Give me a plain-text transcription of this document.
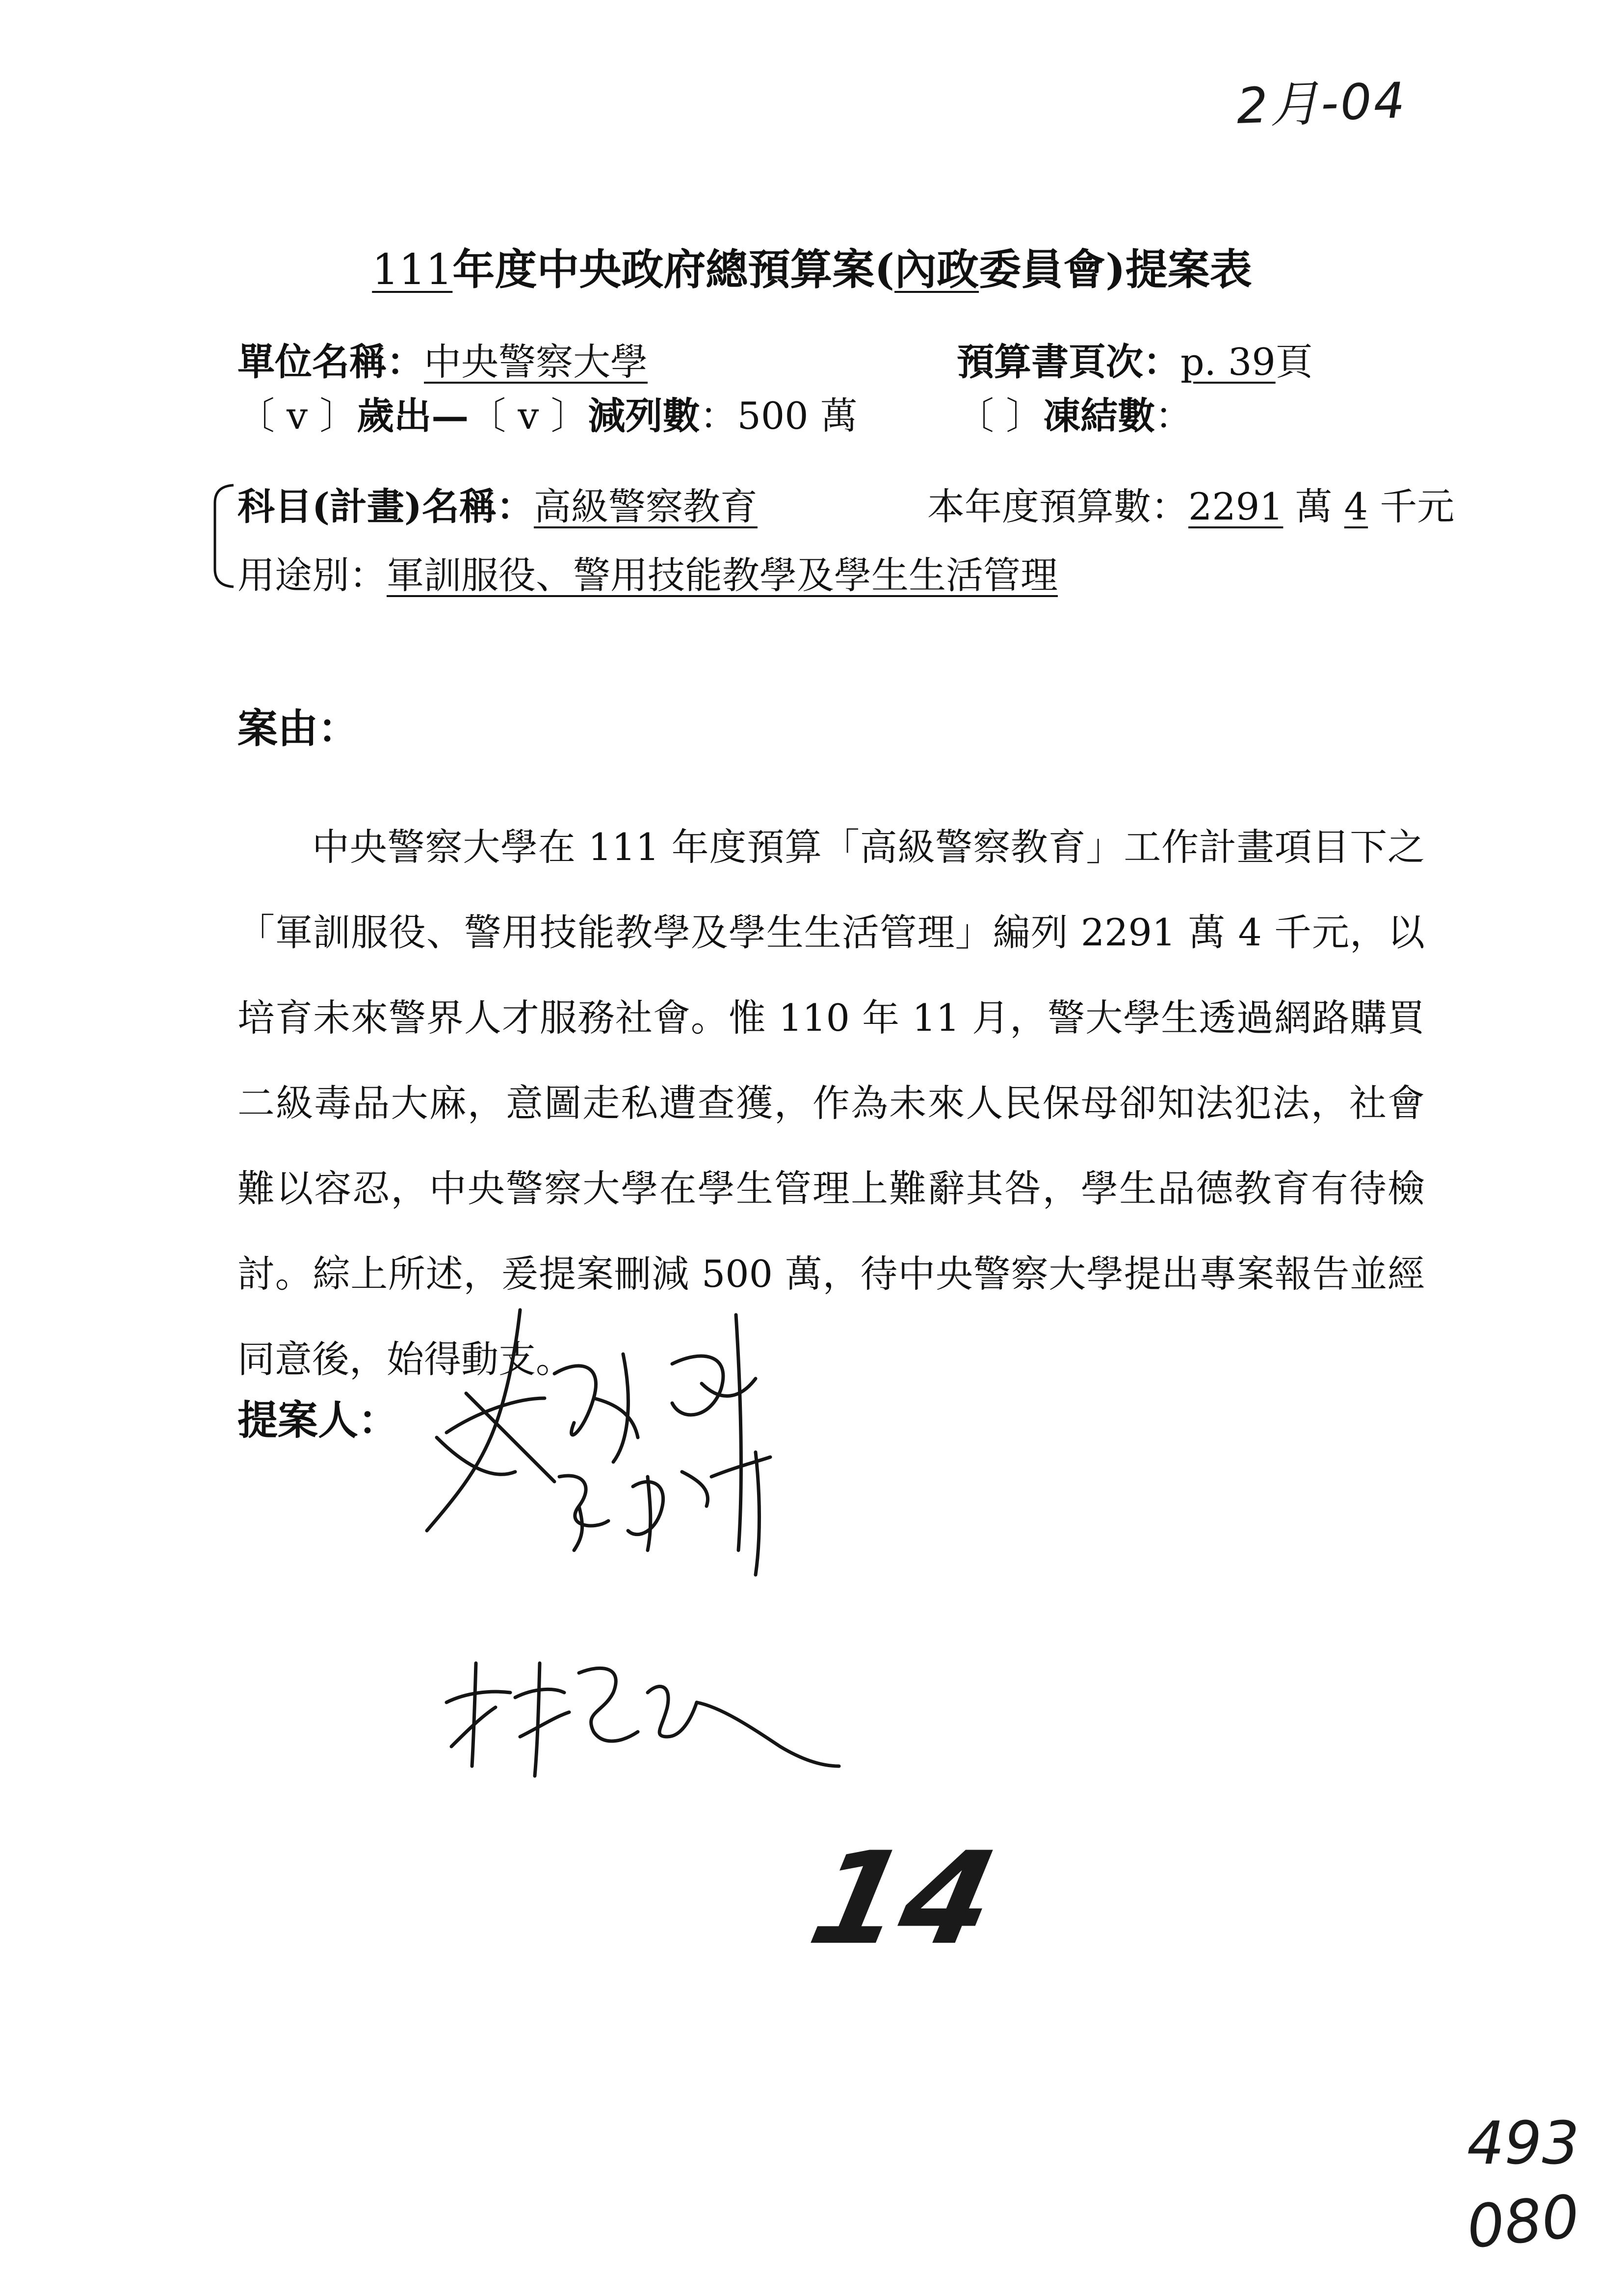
2月-04
111年度中央政府總預算案(內政委員會)提案表
單位名稱：中央警察大學	預算書頁次：p. 39頁
〔 v 〕歲出—〔 v 〕減列數：500 萬	〔 〕凍結數：
科目(計畫)名稱：高級警察教育	本年度預算數：2291 萬 4 千元
用途別：軍訓服役、警用技能教學及學生生活管理
案由：

中央警察大學在 111 年度預算「高級警察教育」工作計畫項目下之「軍訓服役、警用技能教學及學生生活管理」編列 2291 萬 4 千元，以培育未來警界人才服務社會。惟 110 年 11 月，警大學生透過網路購買二級毒品大麻，意圖走私遭查獲，作為未來人民保母卻知法犯法，社會難以容忍，中央警察大學在學生管理上難辭其咎，學生品德教育有待檢討。綜上所述，爰提案刪減 500 萬，待中央警察大學提出專案報告並經同意後，始得動支。

提案人：
14
493
080
